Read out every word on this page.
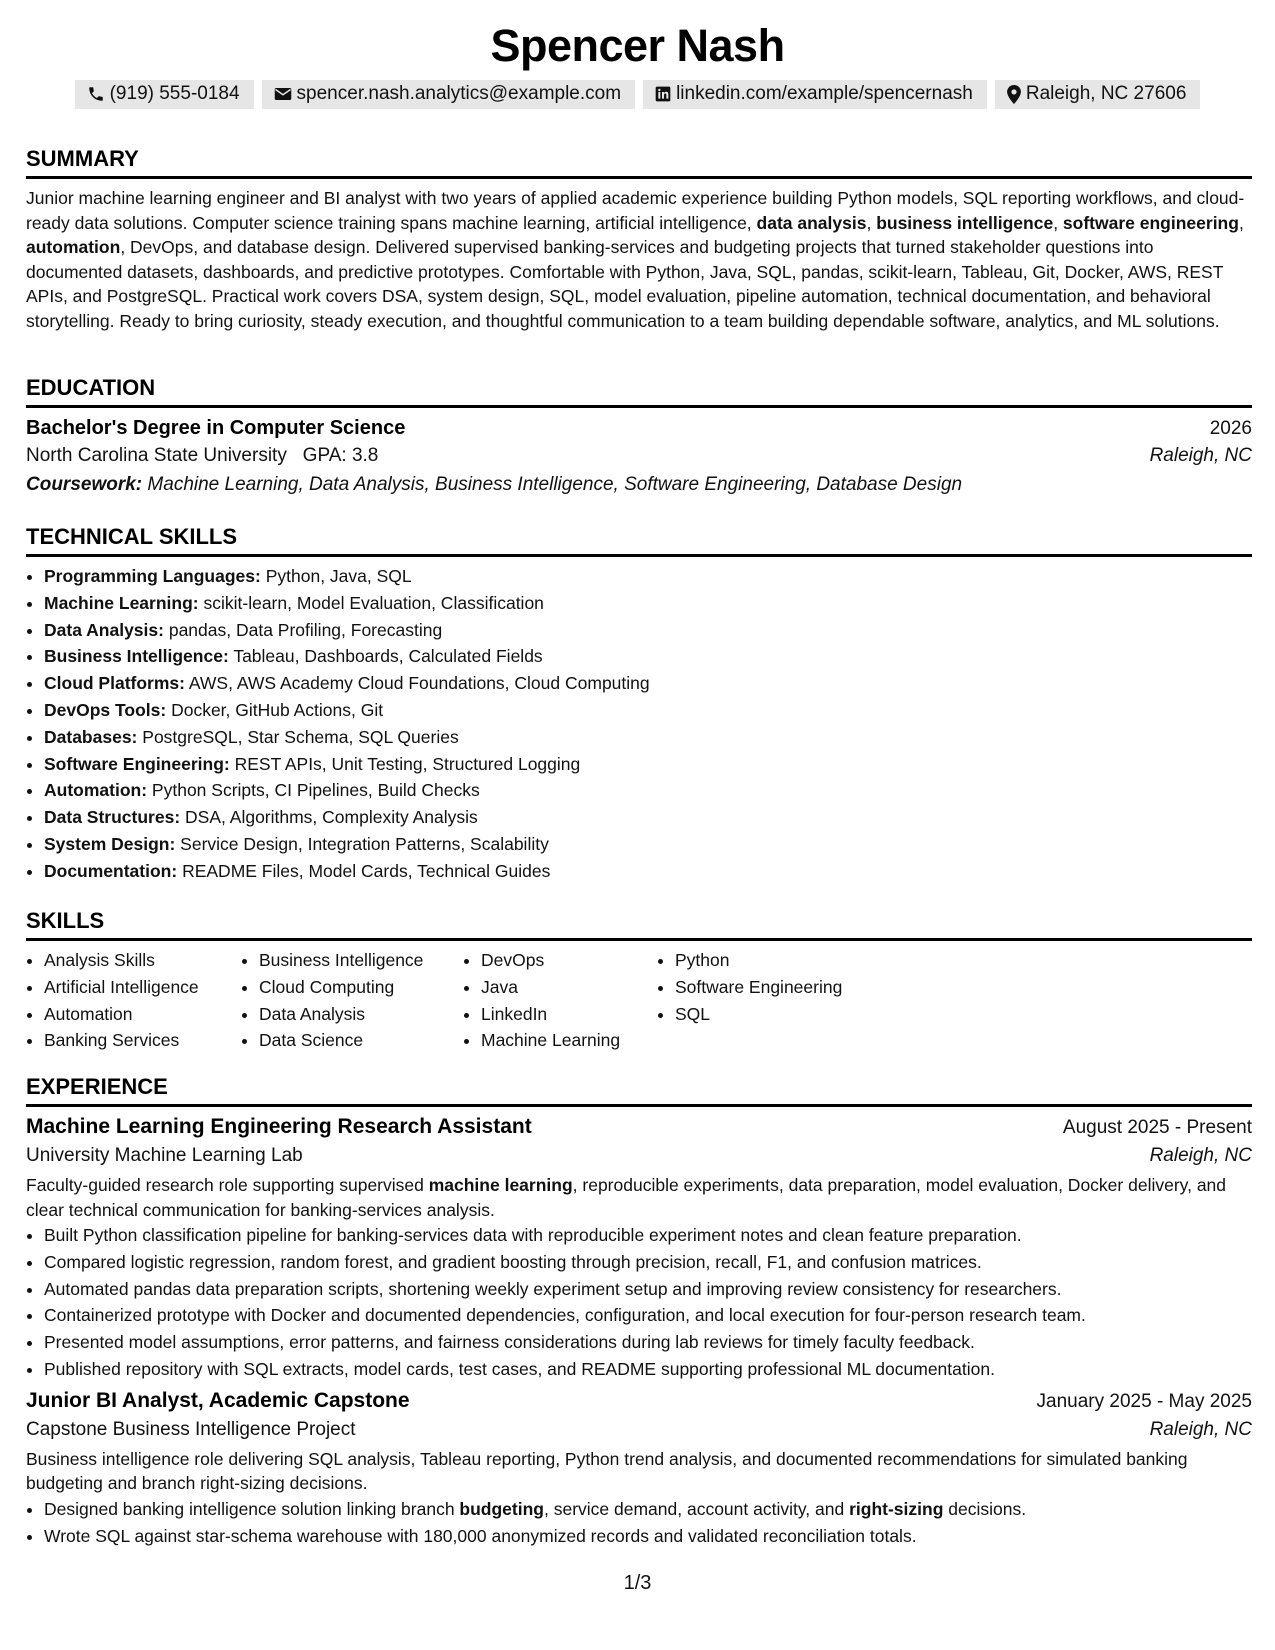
Spencer Nash
(919) 555-0184	spencer.nash.analytics@example.com	linkedin.com/example/spencernash	Raleigh, NC 27606
SUMMARY
Junior machine learning engineer and BI analyst with two years of applied academic experience building Python models, SQL reporting workflows, and cloud-ready data solutions. Computer science training spans machine learning, artificial intelligence, data analysis, business intelligence, software engineering, automation, DevOps, and database design. Delivered supervised banking-services and budgeting projects that turned stakeholder questions into documented datasets, dashboards, and predictive prototypes. Comfortable with Python, Java, SQL, pandas, scikit-learn, Tableau, Git, Docker, AWS, REST APIs, and PostgreSQL. Practical work covers DSA, system design, SQL, model evaluation, pipeline automation, technical documentation, and behavioral storytelling. Ready to bring curiosity, steady execution, and thoughtful communication to a team building dependable software, analytics, and ML solutions.
EDUCATION
Bachelor's Degree in Computer Science	2026
North Carolina State University GPA: 3.8	Raleigh, NC
Coursework: Machine Learning, Data Analysis, Business Intelligence, Software Engineering, Database Design
TECHNICAL SKILLS
• Programming Languages: Python, Java, SQL
• Machine Learning: scikit-learn, Model Evaluation, Classification
• Data Analysis: pandas, Data Profiling, Forecasting
• Business Intelligence: Tableau, Dashboards, Calculated Fields
• Cloud Platforms: AWS, AWS Academy Cloud Foundations, Cloud Computing
• DevOps Tools: Docker, GitHub Actions, Git
• Databases: PostgreSQL, Star Schema, SQL Queries
• Software Engineering: REST APIs, Unit Testing, Structured Logging
• Automation: Python Scripts, CI Pipelines, Build Checks
• Data Structures: DSA, Algorithms, Complexity Analysis
• System Design: Service Design, Integration Patterns, Scalability
• Documentation: README Files, Model Cards, Technical Guides
SKILLS
• Analysis Skills
• Artificial Intelligence
• Automation
• Banking Services
• Business Intelligence
• Cloud Computing
• Data Analysis
• Data Science
• DevOps
• Java
• LinkedIn
• Machine Learning
• Python
• Software Engineering
• SQL
EXPERIENCE
Machine Learning Engineering Research Assistant	August 2025 - Present
University Machine Learning Lab	Raleigh, NC
Faculty-guided research role supporting supervised machine learning, reproducible experiments, data preparation, model evaluation, Docker delivery, and clear technical communication for banking-services analysis.
• Built Python classification pipeline for banking-services data with reproducible experiment notes and clean feature preparation.
• Compared logistic regression, random forest, and gradient boosting through precision, recall, F1, and confusion matrices.
• Automated pandas data preparation scripts, shortening weekly experiment setup and improving review consistency for researchers.
• Containerized prototype with Docker and documented dependencies, configuration, and local execution for four-person research team.
• Presented model assumptions, error patterns, and fairness considerations during lab reviews for timely faculty feedback.
• Published repository with SQL extracts, model cards, test cases, and README supporting professional ML documentation.
Junior BI Analyst, Academic Capstone	January 2025 - May 2025
Capstone Business Intelligence Project	Raleigh, NC
Business intelligence role delivering SQL analysis, Tableau reporting, Python trend analysis, and documented recommendations for simulated banking budgeting and branch right-sizing decisions.
• Designed banking intelligence solution linking branch budgeting, service demand, account activity, and right-sizing decisions.
• Wrote SQL against star-schema warehouse with 180,000 anonymized records and validated reconciliation totals.
1/3
